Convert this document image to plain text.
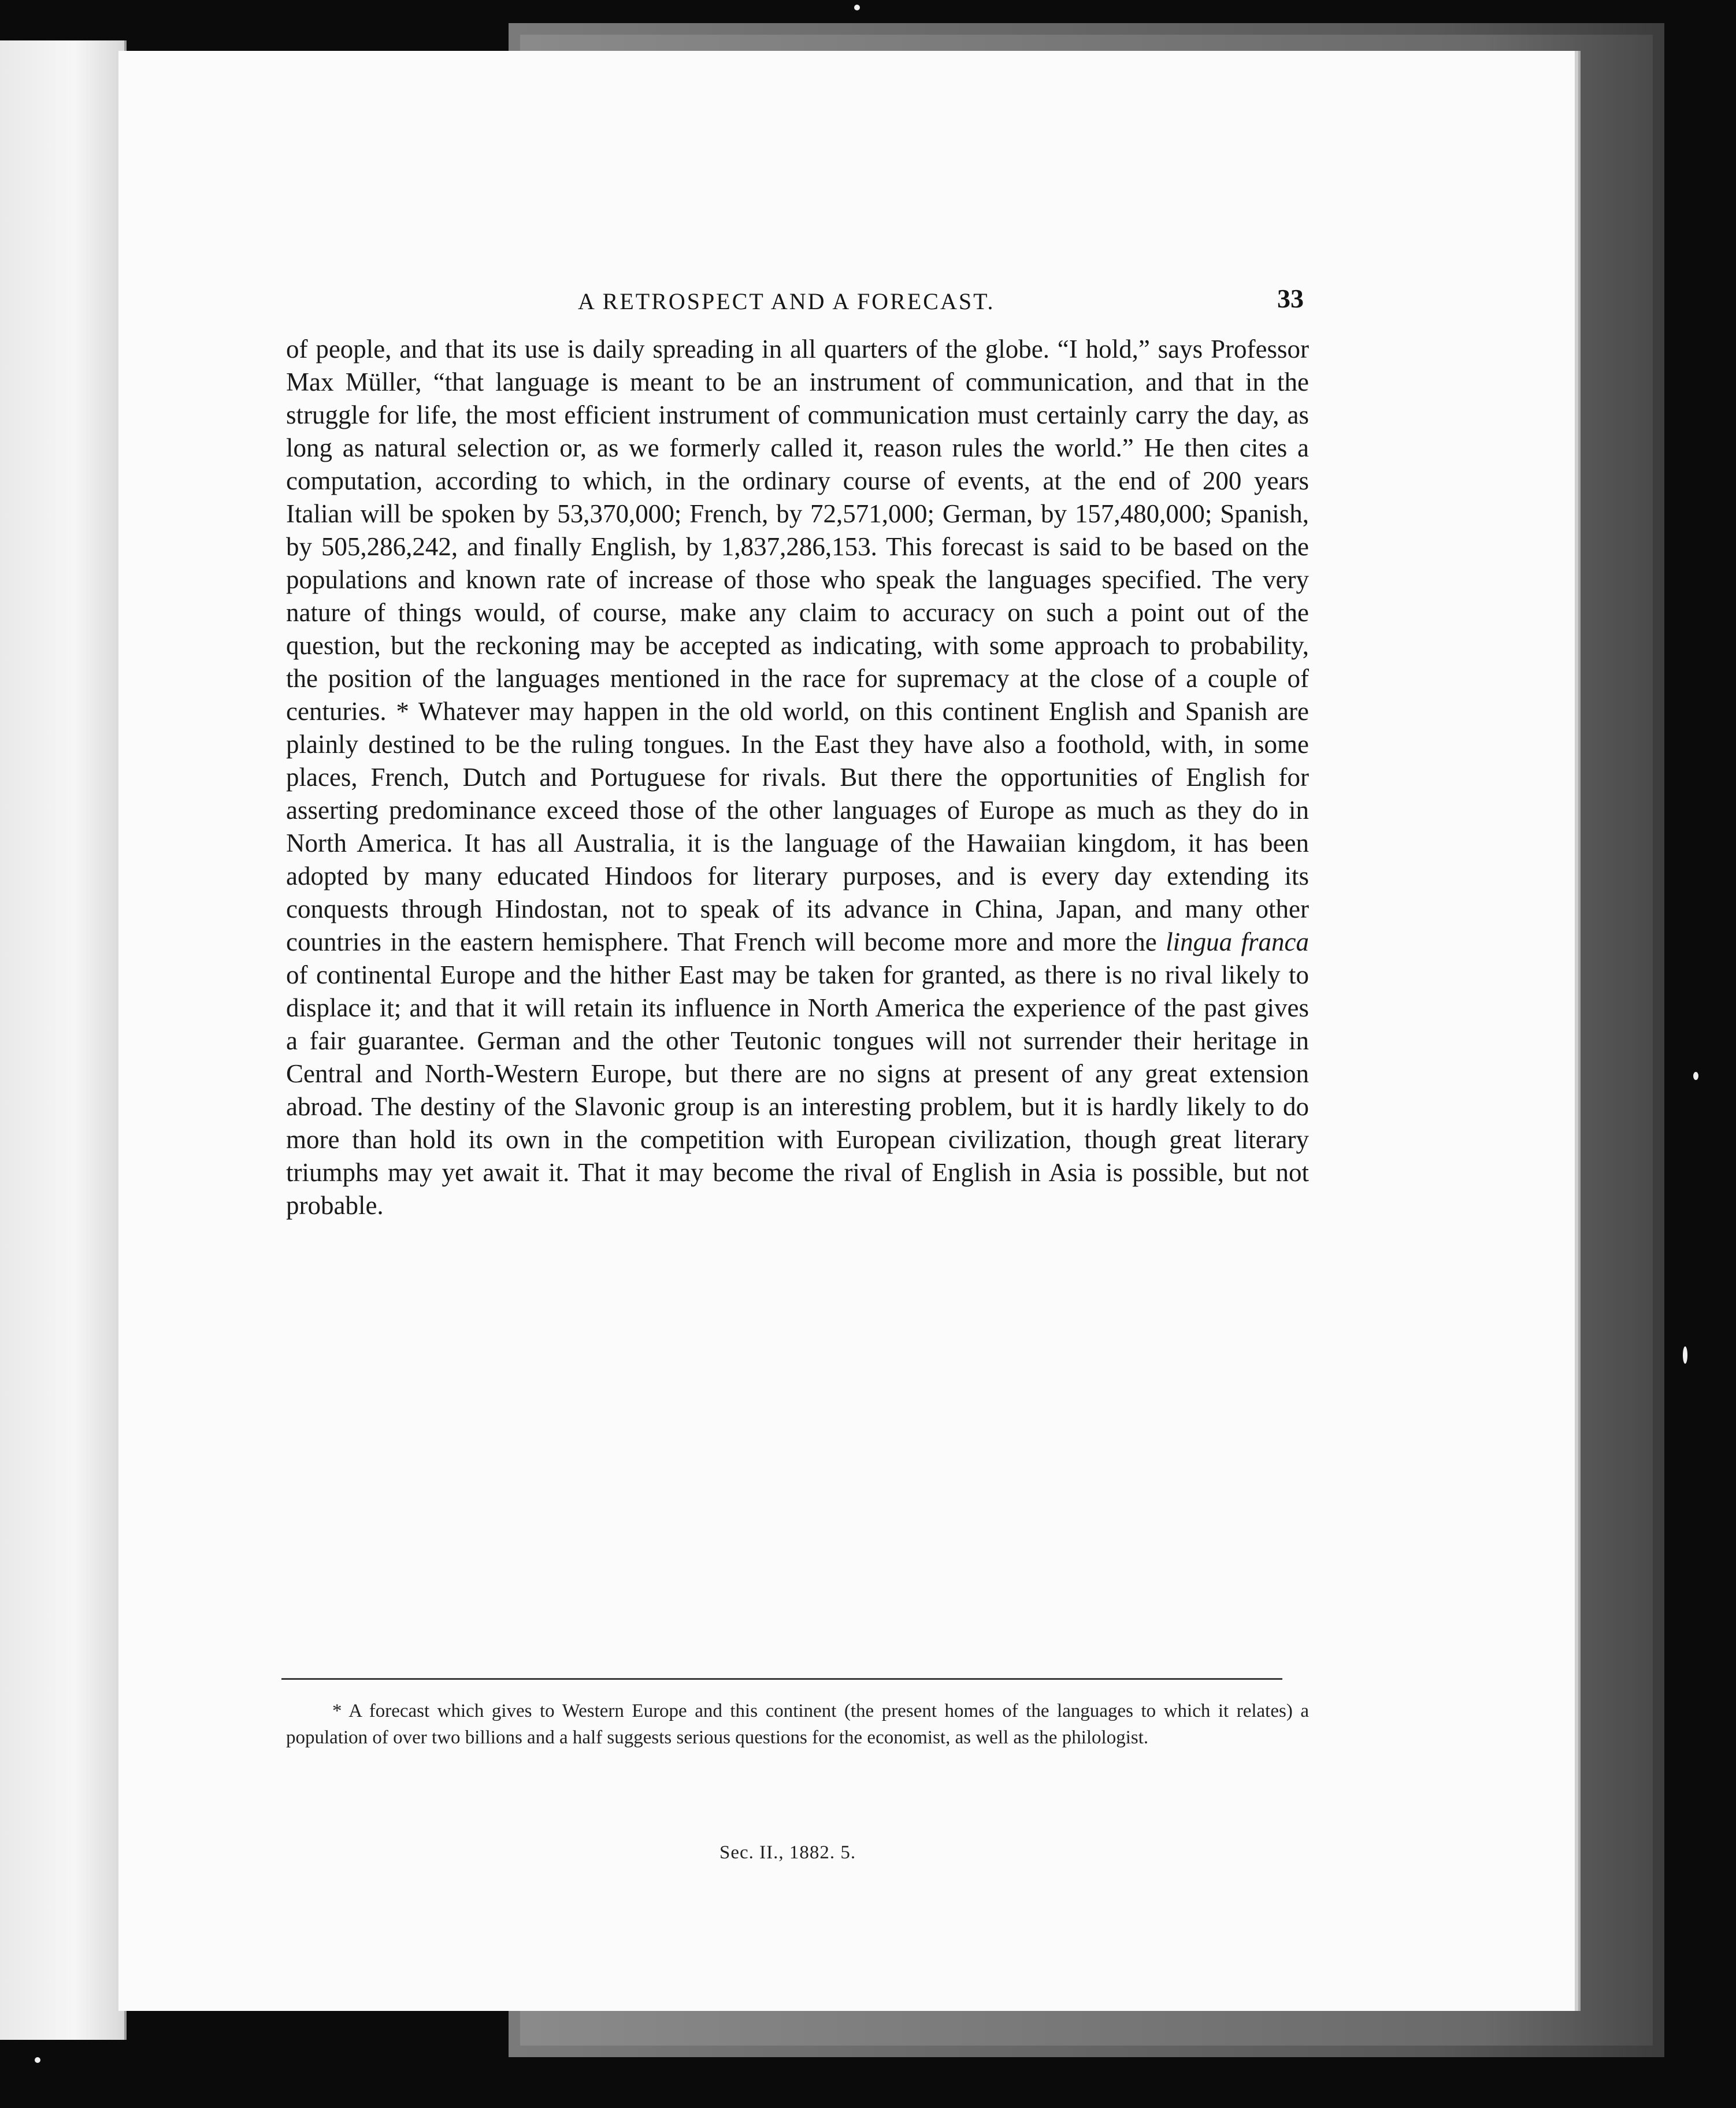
A RETROSPECT AND A FORECAST.	33

of people, and that its use is daily spreading in all quarters of the globe. “I hold,” says Professor Max Müller, “that language is meant to be an instrument of communication, and that in the struggle for life, the most efficient instrument of communication must certainly carry the day, as long as natural selection or, as we formerly called it, reason rules the world.” He then cites a computation, according to which, in the ordinary course of events, at the end of 200 years Italian will be spoken by 53,370,000; French, by 72,571,000; German, by 157,480,000; Spanish, by 505,286,242, and finally English, by 1,837,286,153. This forecast is said to be based on the populations and known rate of increase of those who speak the languages specified. The very nature of things would, of course, make any claim to accuracy on such a point out of the question, but the reckoning may be accepted as indicating, with some approach to probability, the position of the languages mentioned in the race for supremacy at the close of a couple of centuries. * Whatever may happen in the old world, on this continent English and Spanish are plainly destined to be the ruling tongues. In the East they have also a foothold, with, in some places, French, Dutch and Portuguese for rivals. But there the opportunities of English for asserting predominance exceed those of the other languages of Europe as much as they do in North America. It has all Australia, it is the language of the Hawaiian kingdom, it has been adopted by many educated Hindoos for literary purposes, and is every day extending its conquests through Hindostan, not to speak of its advance in China, Japan, and many other countries in the eastern hemisphere. That French will become more and more the lingua franca of continental Europe and the hither East may be taken for granted, as there is no rival likely to displace it; and that it will retain its influence in North America the experience of the past gives a fair guarantee. German and the other Teutonic tongues will not surrender their heritage in Central and North-Western Europe, but there are no signs at present of any great extension abroad. The destiny of the Slavonic group is an interesting problem, but it is hardly likely to do more than hold its own in the competition with European civilization, though great literary triumphs may yet await it. That it may become the rival of English in Asia is possible, but not probable.

* A forecast which gives to Western Europe and this continent (the present homes of the languages to which it relates) a population of over two billions and a half suggests serious questions for the economist, as well as the philologist.
Sec. II., 1882. 5.
